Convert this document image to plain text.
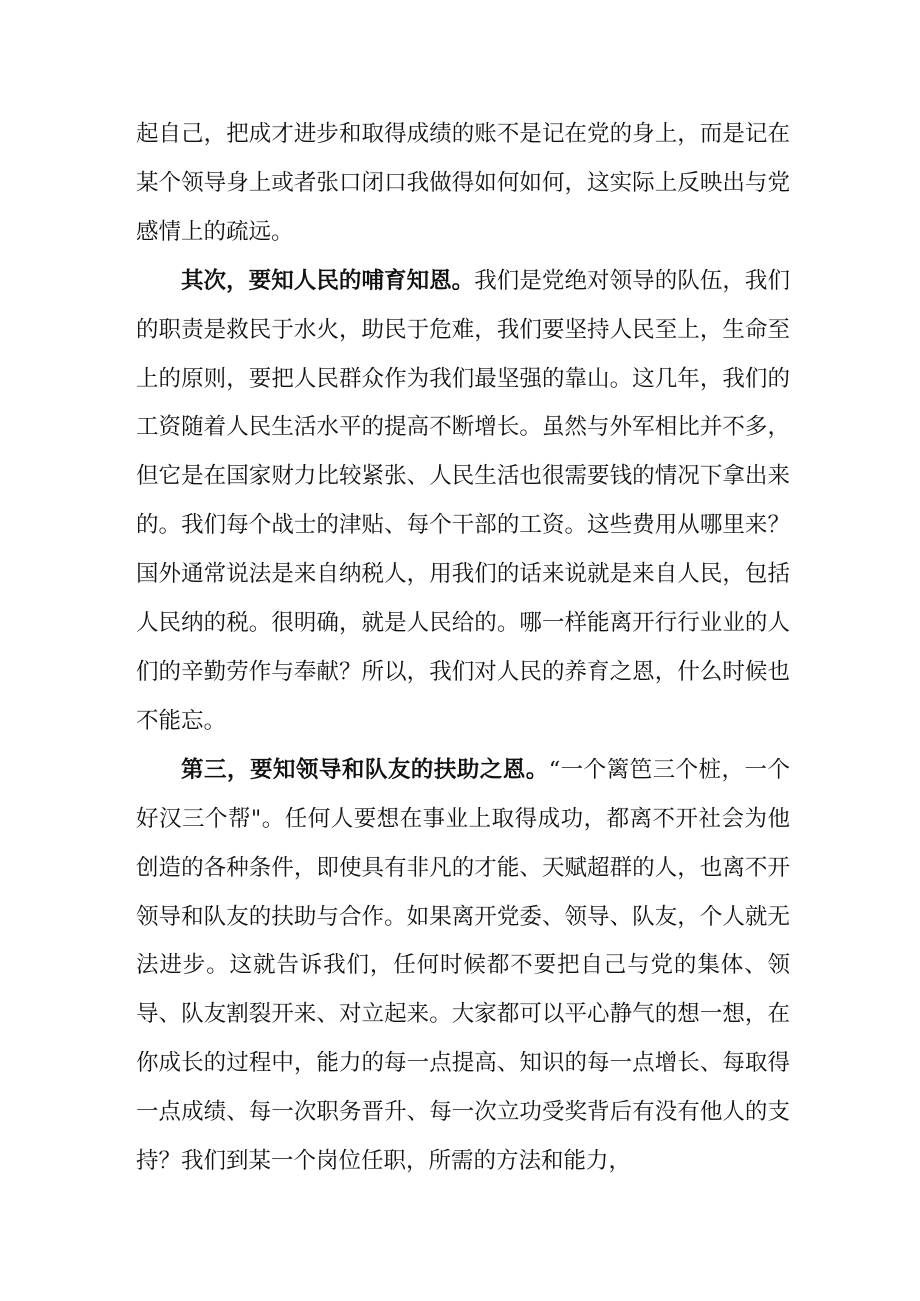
起自己，把成才进步和取得成绩的账不是记在党的身上，而是记在某个领导身上或者张口闭口我做得如何如何，这实际上反映出与党感情上的疏远。

其次，要知人民的哺育知恩。我们是党绝对领导的队伍，我们的职责是救民于水火，助民于危难，我们要坚持人民至上，生命至上的原则，要把人民群众作为我们最坚强的靠山。这几年，我们的工资随着人民生活水平的提高不断增长。虽然与外军相比并不多，但它是在国家财力比较紧张、人民生活也很需要钱的情况下拿出来的。我们每个战士的津贴、每个干部的工资。这些费用从哪里来？国外通常说法是来自纳税人，用我们的话来说就是来自人民，包括人民纳的税。很明确，就是人民给的。哪一样能离开行行业业的人们的辛勤劳作与奉献？所以，我们对人民的养育之恩，什么时候也不能忘。

第三，要知领导和队友的扶助之恩。“一个篱笆三个桩，一个好汉三个帮"。任何人要想在事业上取得成功，都离不开社会为他创造的各种条件，即使具有非凡的才能、天赋超群的人，也离不开领导和队友的扶助与合作。如果离开党委、领导、队友，个人就无法进步。这就告诉我们，任何时候都不要把自己与党的集体、领导、队友割裂开来、对立起来。大家都可以平心静气的想一想，在你成长的过程中，能力的每一点提高、知识的每一点增长、每取得一点成绩、每一次职务晋升、每一次立功受奖背后有没有他人的支持？我们到某一个岗位任职，所需的方法和能力，
